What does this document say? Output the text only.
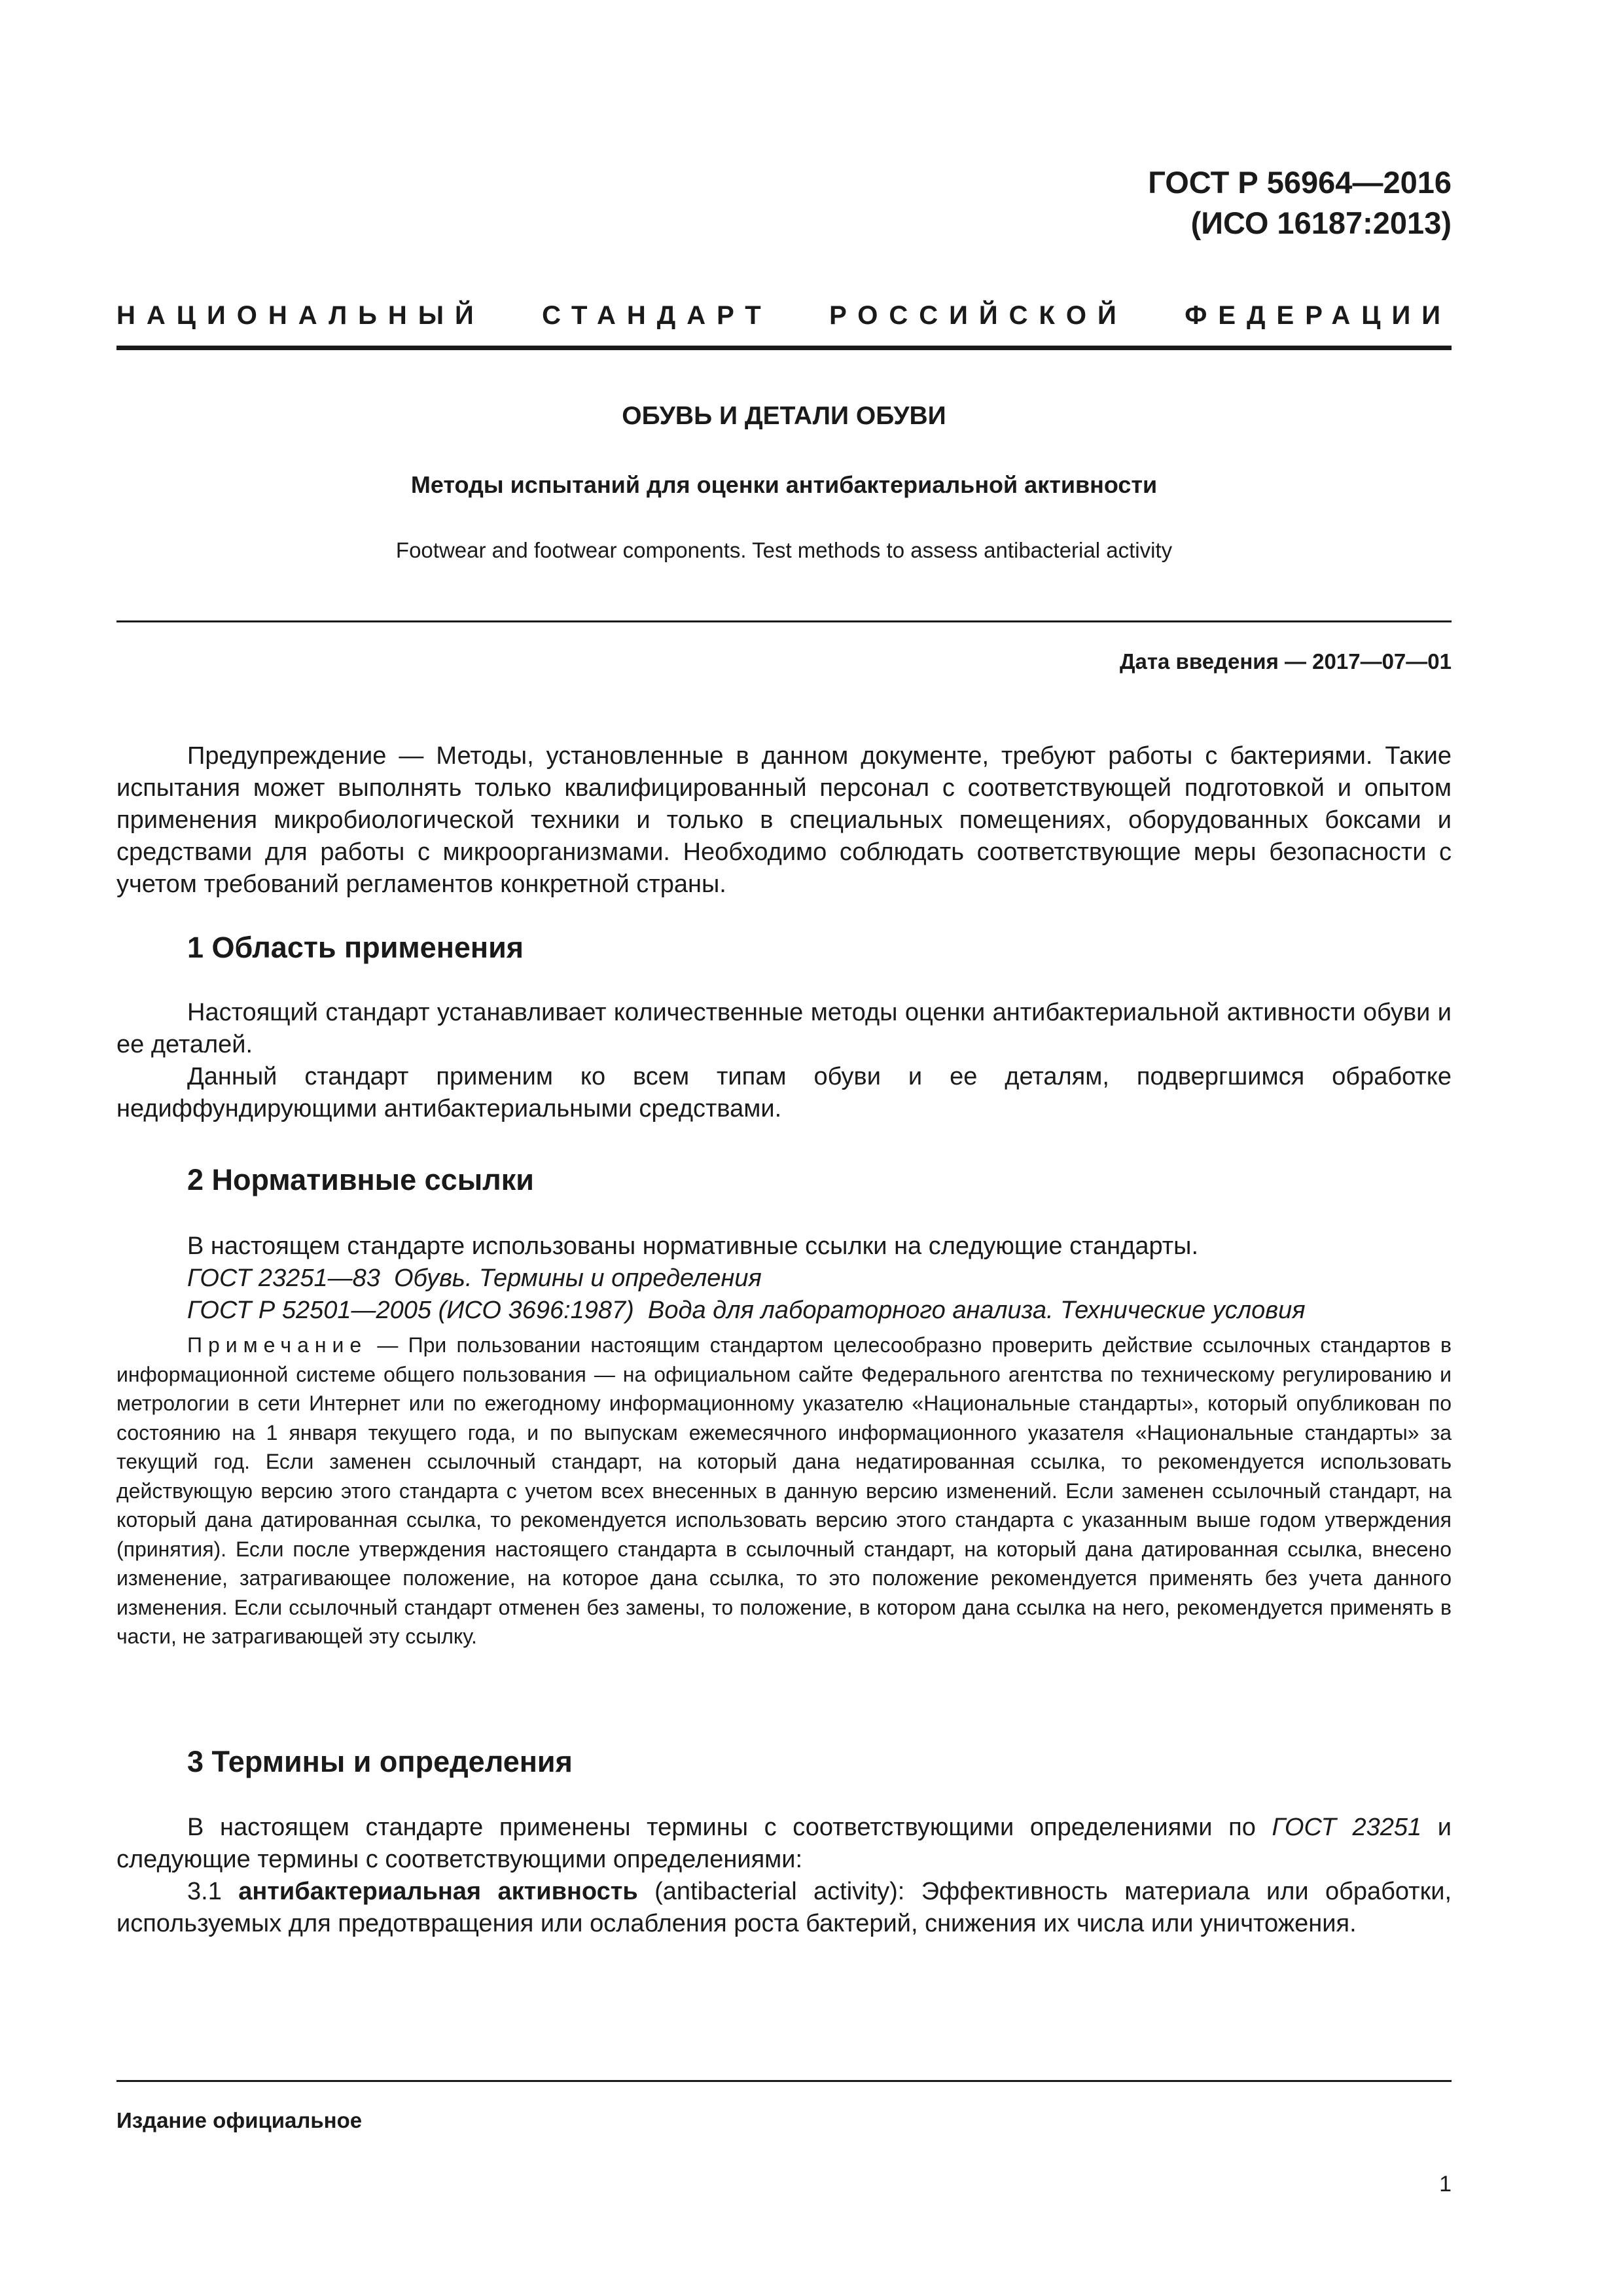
ГОСТ Р 56964—2016
(ИСО 16187:2013)
НАЦИОНАЛЬНЫЙ СТАНДАРТ РОССИЙСКОЙ ФЕДЕРАЦИИ
ОБУВЬ И ДЕТАЛИ ОБУВИ
Методы испытаний для оценки антибактериальной активности
Footwear and footwear components. Test methods to assess antibacterial activity
Дата введения — 2017—07—01

Предупреждение — Методы, установленные в данном документе, требуют работы с бактериями. Такие испытания может выполнять только квалифицированный персонал с соответствующей подготовкой и опытом применения микробиологической техники и только в специальных помещениях, оборудованных боксами и средствами для работы с микроорганизмами. Необходимо соблюдать соответствующие меры безопасности с учетом требований регламентов конкретной страны.

1 Область применения

Настоящий стандарт устанавливает количественные методы оценки антибактериальной активности обуви и ее деталей.

Данный стандарт применим ко всем типам обуви и ее деталям, подвергшимся обработке недиффундирующими антибактериальными средствами.

2 Нормативные ссылки

В настоящем стандарте использованы нормативные ссылки на следующие стандарты.

ГОСТ 23251—83 Обувь. Термины и определения

ГОСТ Р 52501—2005 (ИСО 3696:1987) Вода для лабораторного анализа. Технические условия

Примечание — При пользовании настоящим стандартом целесообразно проверить действие ссылочных стандартов в информационной системе общего пользования — на официальном сайте Федерального агентства по техническому регулированию и метрологии в сети Интернет или по ежегодному информационному указателю «Национальные стандарты», который опубликован по состоянию на 1 января текущего года, и по выпускам ежемесячного информационного указателя «Национальные стандарты» за текущий год. Если заменен ссылочный стандарт, на который дана недатированная ссылка, то рекомендуется использовать действующую версию этого стандарта с учетом всех внесенных в данную версию изменений. Если заменен ссылочный стандарт, на который дана датированная ссылка, то рекомендуется использовать версию этого стандарта с указанным выше годом утверждения (принятия). Если после утверждения настоящего стандарта в ссылочный стандарт, на который дана датированная ссылка, внесено изменение, затрагивающее положение, на которое дана ссылка, то это положение рекомендуется применять без учета данного изменения. Если ссылочный стандарт отменен без замены, то положение, в котором дана ссылка на него, рекомендуется применять в части, не затрагивающей эту ссылку.

3 Термины и определения

В настоящем стандарте применены термины с соответствующими определениями по ГОСТ 23251 и следующие термины с соответствующими определениями:

3.1 антибактериальная активность (antibacterial activity): Эффективность материала или обработки, используемых для предотвращения или ослабления роста бактерий, снижения их числа или уничтожения.

Издание официальное
1
